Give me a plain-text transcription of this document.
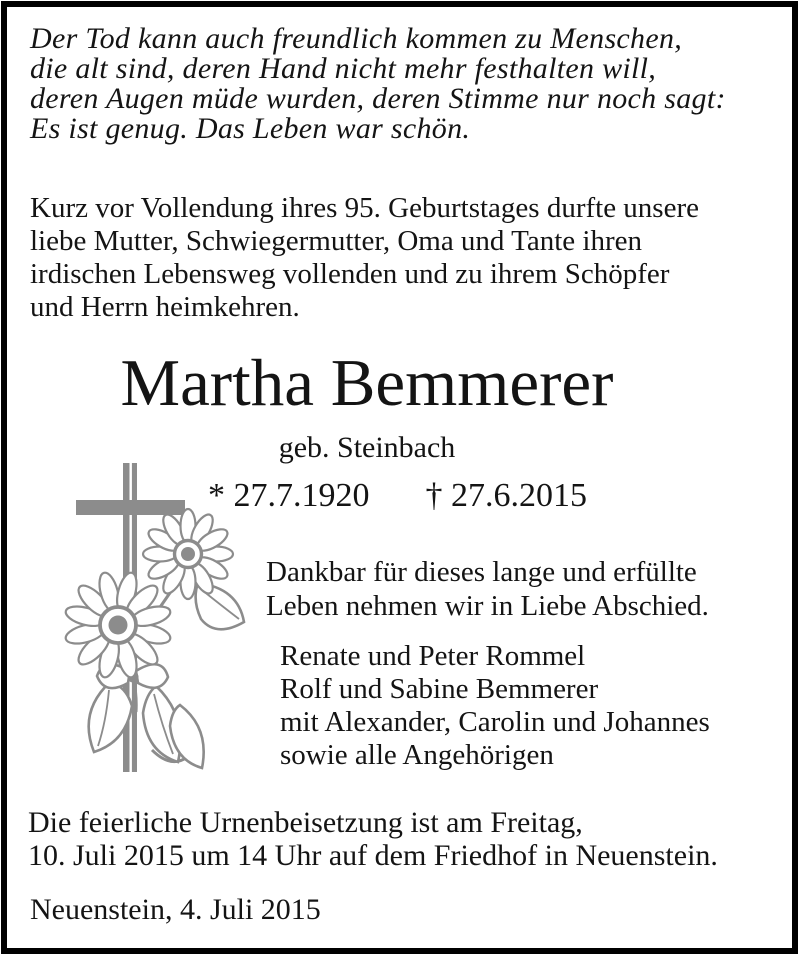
Der Tod kann auch freundlich kommen zu Menschen,
die alt sind, deren Hand nicht mehr festhalten will,
deren Augen müde wurden, deren Stimme nur noch sagt:
Es ist genug. Das Leben war schön.
Kurz vor Vollendung ihres 95. Geburtstages durfte unsere
liebe Mutter, Schwiegermutter, Oma und Tante ihren
irdischen Lebensweg vollenden und zu ihrem Schöpfer
und Herrn heimkehren.
Martha Bemmerer
geb. Steinbach
* 27.7.1920 † 27.6.2015
Dankbar für dieses lange und erfüllte
Leben nehmen wir in Liebe Abschied.
Renate und Peter Rommel
Rolf und Sabine Bemmerer
mit Alexander, Carolin und Johannes
sowie alle Angehörigen
Die feierliche Urnenbeisetzung ist am Freitag,
10. Juli 2015 um 14 Uhr auf dem Friedhof in Neuenstein.
Neuenstein, 4. Juli 2015
